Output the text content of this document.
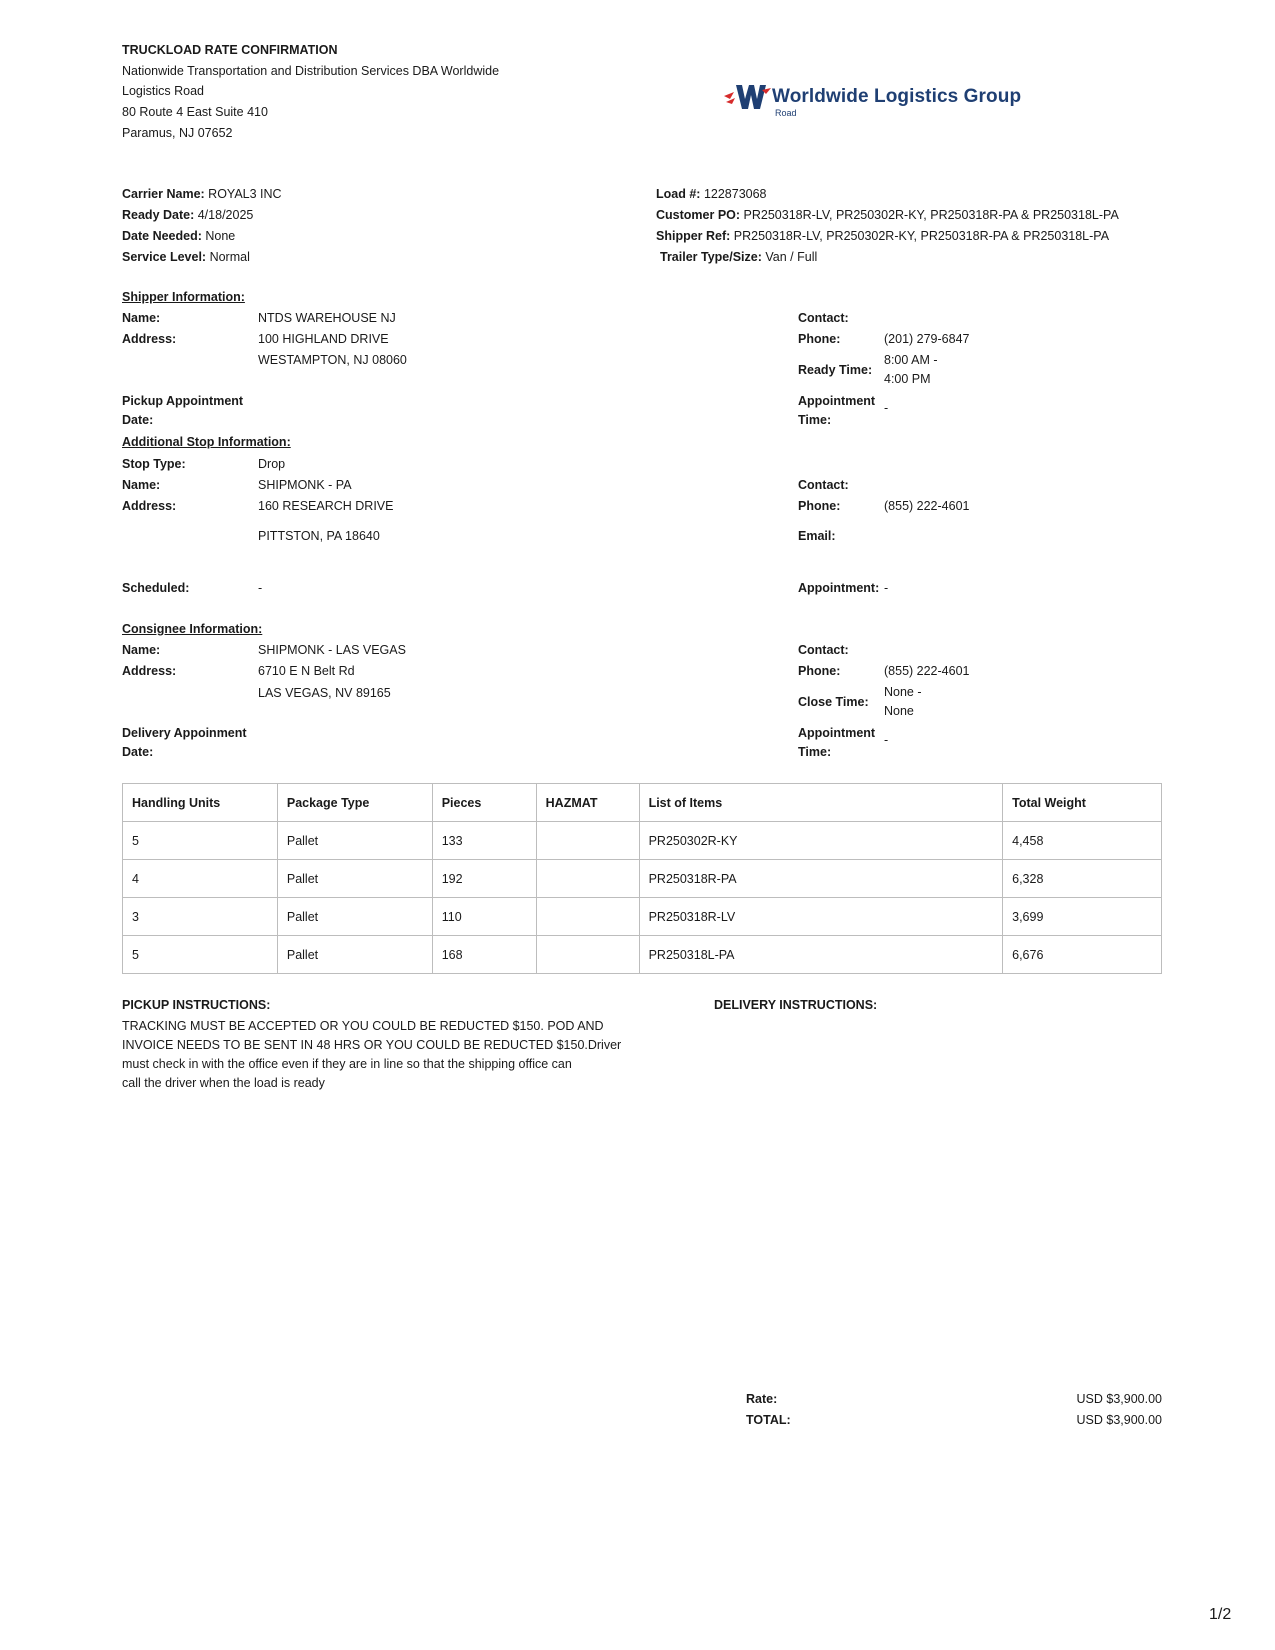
TRUCKLOAD RATE CONFIRMATION
Nationwide Transportation and Distribution Services DBA Worldwide
Logistics Road
80 Route 4 East Suite 410
Paramus, NJ 07652
Worldwide Logistics Group
Road
Carrier Name: ROYAL3 INC
Ready Date: 4/18/2025
Date Needed: None
Service Level: Normal
Load #: 122873068
Customer PO: PR250318R-LV, PR250302R-KY, PR250318R-PA & PR250318L-PA
Shipper Ref: PR250318R-LV, PR250302R-KY, PR250318R-PA & PR250318L-PA
Trailer Type/Size: Van / Full
Shipper Information:
Name:	NTDS WAREHOUSE NJ
Address:	100 HIGHLAND DRIVE
WESTAMPTON, NJ 08060
Contact:
Phone:	(201) 279-6847
Ready Time:
8:00 AM -
4:00 PM
Pickup Appointment
Date:
Appointment
Time:
-
Additional Stop Information:
Stop Type:	Drop
Name:	SHIPMONK - PA
Address:	160 RESEARCH DRIVE
PITTSTON, PA 18640
Contact:
Phone:	(855) 222-4601
Email:
Scheduled:	-	Appointment: -
Consignee Information:
Name:	SHIPMONK - LAS VEGAS
Address:	6710 E N Belt Rd
LAS VEGAS, NV 89165
Contact:
Phone:	(855) 222-4601
Close Time:
None -
None
Delivery Appoinment
Date:
Appointment
Time:
-
Handling Units	Package Type	Pieces	HAZMAT	List of Items	Total Weight
5	Pallet	133		PR250302R-KY	4,458
4	Pallet	192		PR250318R-PA	6,328
3	Pallet	110		PR250318R-LV	3,699
5	Pallet	168		PR250318L-PA	6,676
PICKUP INSTRUCTIONS:
TRACKING MUST BE ACCEPTED OR YOU COULD BE REDUCTED $150. POD AND
INVOICE NEEDS TO BE SENT IN 48 HRS OR YOU COULD BE REDUCTED $150.Driver
must check in with the office even if they are in line so that the shipping office can
call the driver when the load is ready
DELIVERY INSTRUCTIONS:
Rate:	USD $3,900.00
TOTAL:	USD $3,900.00
1/2
